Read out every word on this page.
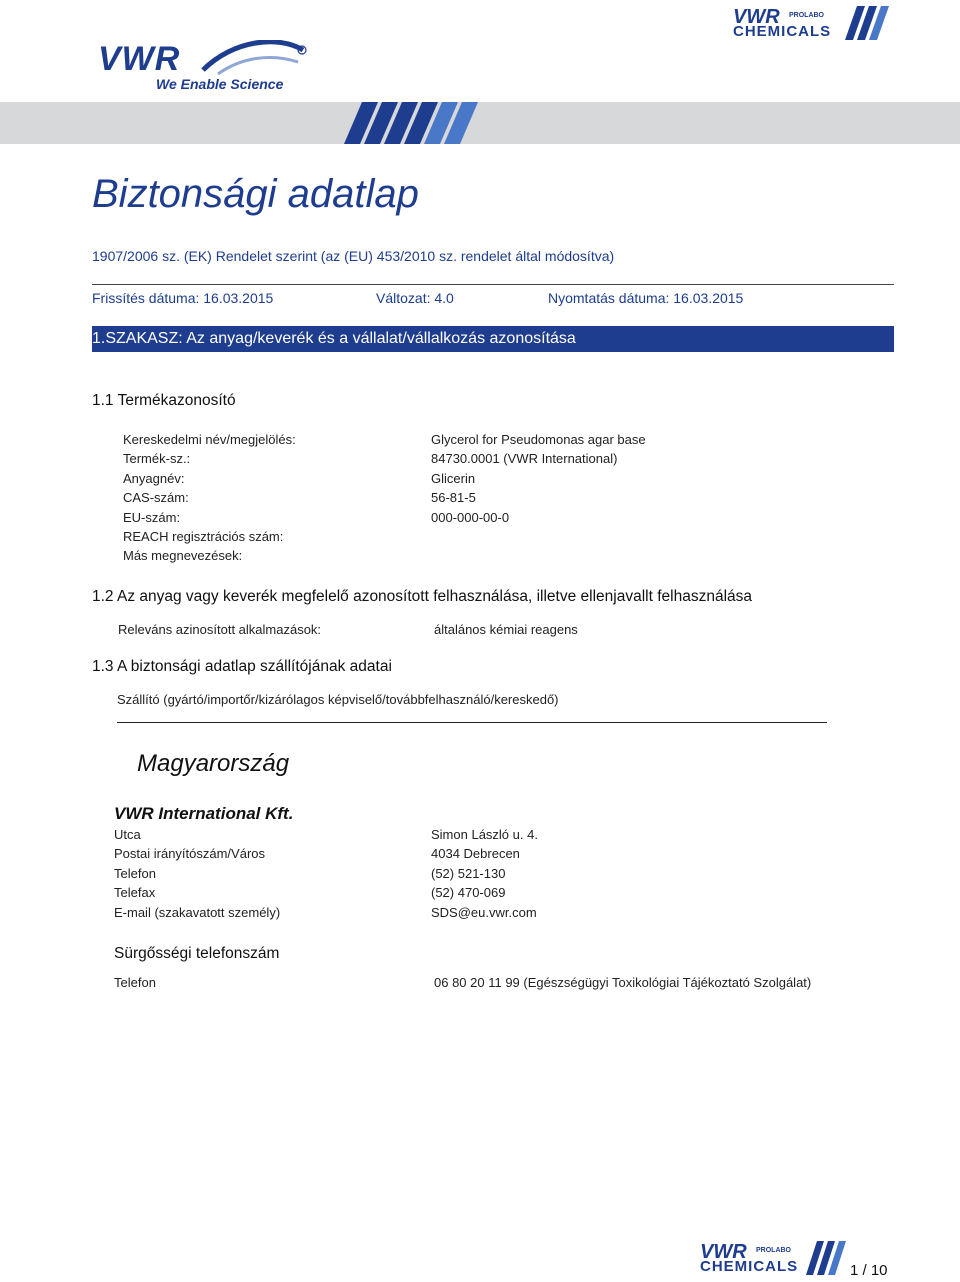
VWR
We Enable Science
VWR PROLABO
CHEMICALS
Biztonsági adatlap
1907/2006 sz. (EK) Rendelet szerint (az (EU) 453/2010 sz. rendelet által módosítva)
Frissítés dátuma: 16.03.2015	Változat: 4.0	Nyomtatás dátuma: 16.03.2015
1.SZAKASZ: Az anyag/keverék és a vállalat/vállalkozás azonosítása
1.1 Termékazonosító
Kereskedelmi név/megjelölés:	Glycerol for Pseudomonas agar base
Termék-sz.:	84730.0001 (VWR International)
Anyagnév:	Glicerin
CAS-szám:	56-81-5
EU-szám:	000-000-00-0
REACH regisztrációs szám:
Más megnevezések:
1.2 Az anyag vagy keverék megfelelő azonosított felhasználása, illetve ellenjavallt felhasználása
Releváns azinosított alkalmazások:	általános kémiai reagens
1.3 A biztonsági adatlap szállítójának adatai
Szállító (gyártó/importőr/kizárólagos képviselő/továbbfelhasználó/kereskedő)
Magyarország
VWR International Kft.
Utca	Simon László u. 4.
Postai irányítószám/Város	4034 Debrecen
Telefon	(52) 521-130
Telefax	(52) 470-069
E-mail (szakavatott személy)	SDS@eu.vwr.com
Sürgősségi telefonszám
Telefon	06 80 20 11 99 (Egészségügyi Toxikológiai Tájékoztató Szolgálat)
VWR PROLABO
CHEMICALS	1 / 10
